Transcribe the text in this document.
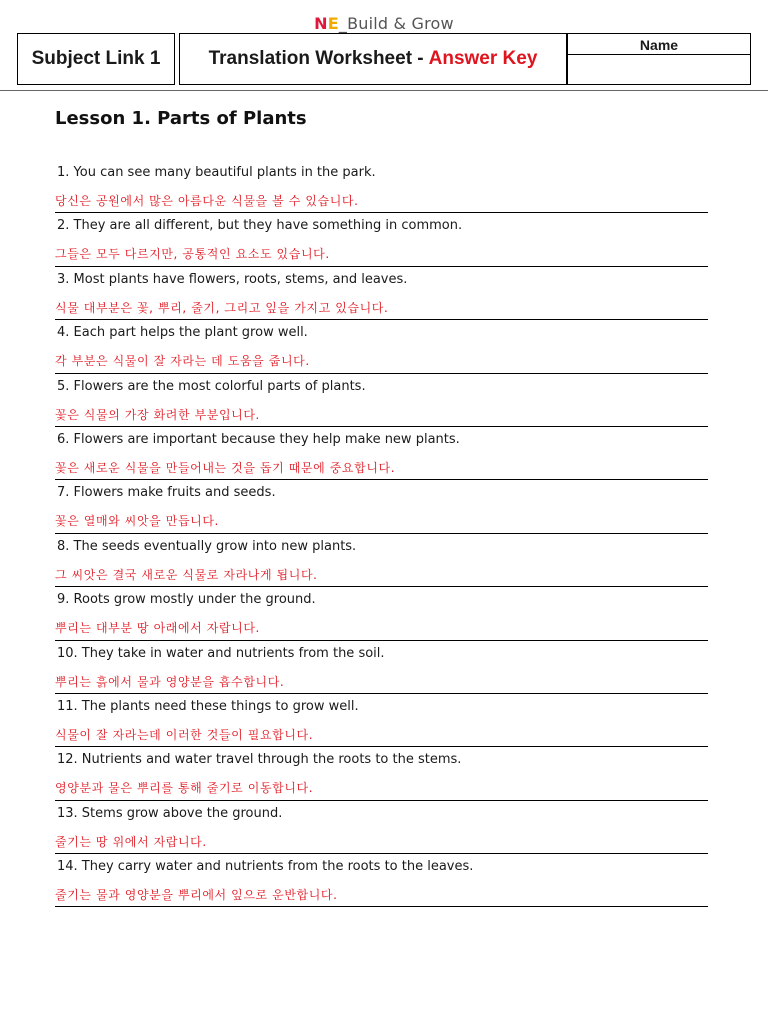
NE_Build & Grow
Subject Link 1	Translation Worksheet - Answer Key
Name
Lesson 1. Parts of Plants
1. You can see many beautiful plants in the park.
당신은 공원에서 많은 아름다운 식물을 볼 수 있습니다.
2. They are all different, but they have something in common.
그들은 모두 다르지만, 공통적인 요소도 있습니다.
3. Most plants have flowers, roots, stems, and leaves.
식물 대부분은 꽃, 뿌리, 줄기, 그리고 잎을 가지고 있습니다.
4. Each part helps the plant grow well.
각 부분은 식물이 잘 자라는 데 도움을 줍니다.
5. Flowers are the most colorful parts of plants.
꽃은 식물의 가장 화려한 부분입니다.
6. Flowers are important because they help make new plants.
꽃은 새로운 식물을 만들어내는 것을 돕기 때문에 중요합니다.
7. Flowers make fruits and seeds.
꽃은 열매와 씨앗을 만듭니다.
8. The seeds eventually grow into new plants.
그 씨앗은 결국 새로운 식물로 자라나게 됩니다.
9. Roots grow mostly under the ground.
뿌리는 대부분 땅 아래에서 자랍니다.
10. They take in water and nutrients from the soil.
뿌리는 흙에서 물과 영양분을 흡수합니다.
11. The plants need these things to grow well.
식물이 잘 자라는데 이러한 것들이 필요합니다.
12. Nutrients and water travel through the roots to the stems.
영양분과 물은 뿌리를 통해 줄기로 이동합니다.
13. Stems grow above the ground.
줄기는 땅 위에서 자랍니다.
14. They carry water and nutrients from the roots to the leaves.
줄기는 물과 영양분을 뿌리에서 잎으로 운반합니다.
